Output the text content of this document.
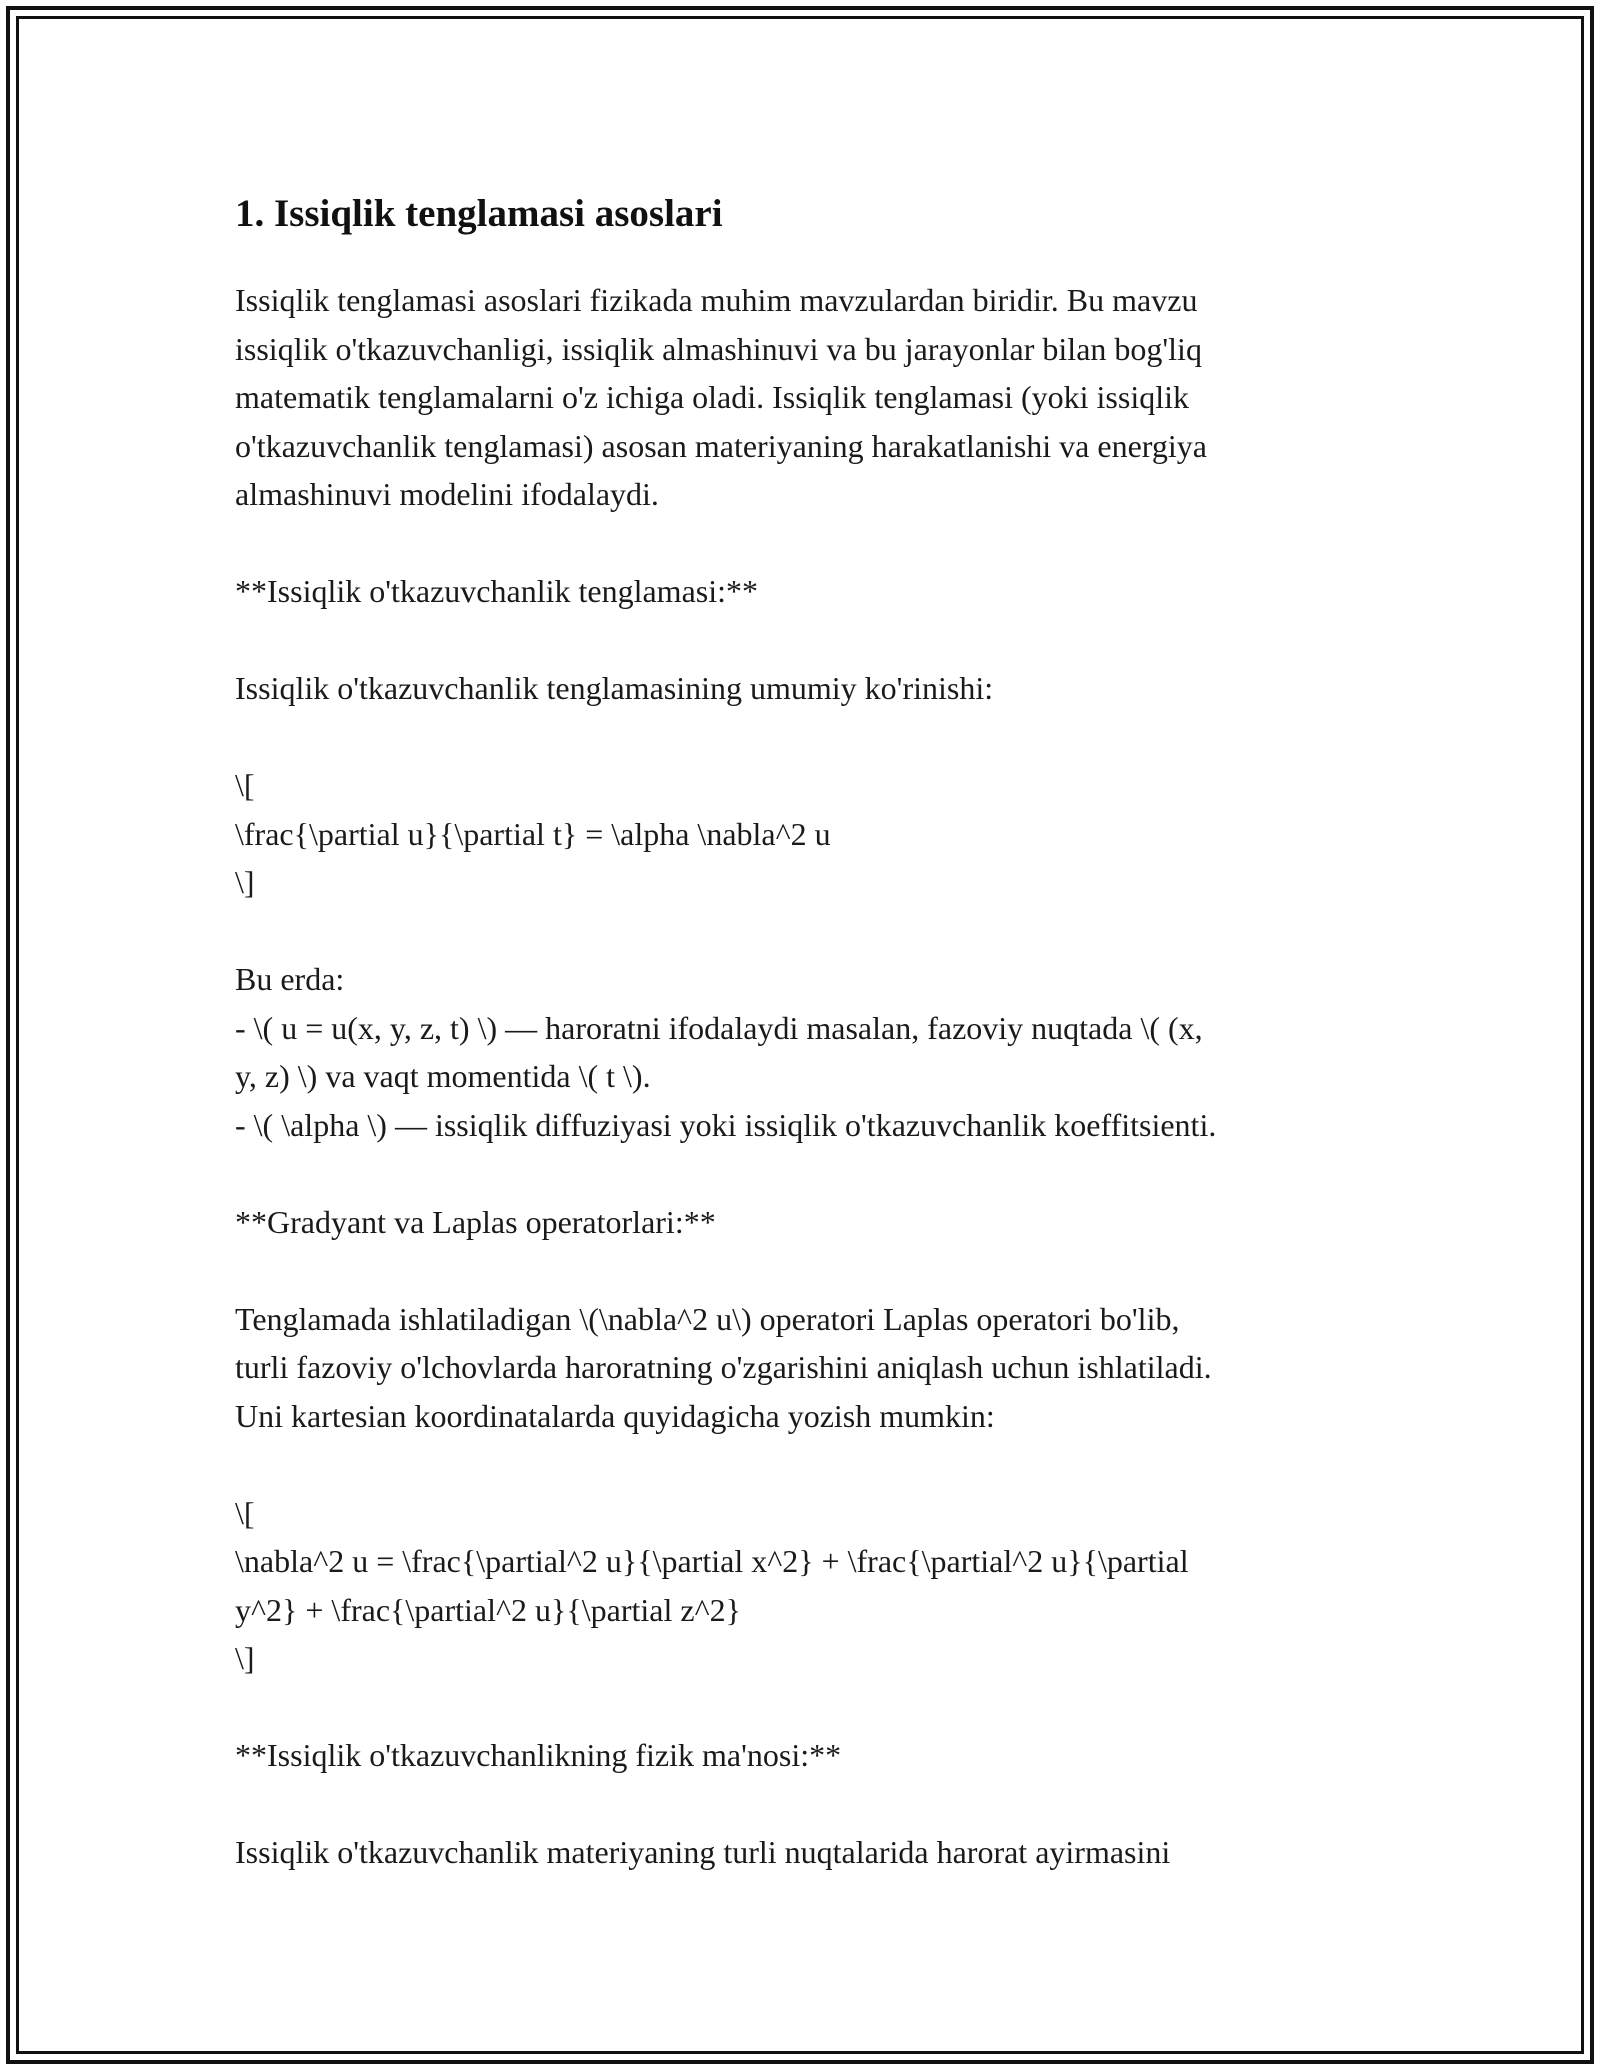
1. Issiqlik tenglamasi asoslari

Issiqlik tenglamasi asoslari fizikada muhim mavzulardan biridir. Bu mavzu

issiqlik o'tkazuvchanligi, issiqlik almashinuvi va bu jarayonlar bilan bog'liq

matematik tenglamalarni o'z ichiga oladi. Issiqlik tenglamasi (yoki issiqlik

o'tkazuvchanlik tenglamasi) asosan materiyaning harakatlanishi va energiya

almashinuvi modelini ifodalaydi.

**Issiqlik o'tkazuvchanlik tenglamasi:**

Issiqlik o'tkazuvchanlik tenglamasining umumiy ko'rinishi:

\[

\frac{\partial u}{\partial t} = \alpha \nabla^2 u

\]

Bu erda:

- \( u = u(x, y, z, t) \) — haroratni ifodalaydi masalan, fazoviy nuqtada \( (x,

y, z) \) va vaqt momentida \( t \).

- \( \alpha \) — issiqlik diffuziyasi yoki issiqlik o'tkazuvchanlik koeffitsienti.

**Gradyant va Laplas operatorlari:**

Tenglamada ishlatiladigan \(\nabla^2 u\) operatori Laplas operatori bo'lib,

turli fazoviy o'lchovlarda haroratning o'zgarishini aniqlash uchun ishlatiladi.

Uni kartesian koordinatalarda quyidagicha yozish mumkin:

\[

\nabla^2 u = \frac{\partial^2 u}{\partial x^2} + \frac{\partial^2 u}{\partial

y^2} + \frac{\partial^2 u}{\partial z^2}

\]

**Issiqlik o'tkazuvchanlikning fizik ma'nosi:**

Issiqlik o'tkazuvchanlik materiyaning turli nuqtalarida harorat ayirmasini
